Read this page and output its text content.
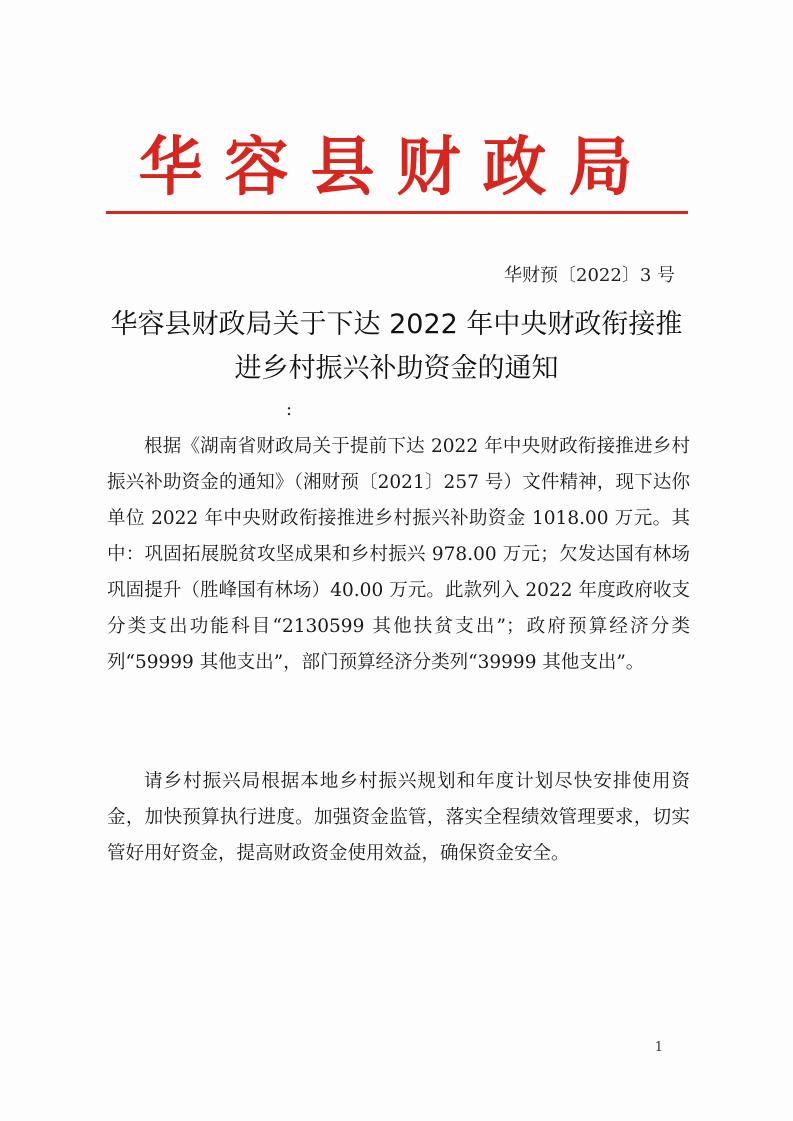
华容县财政局
华财预〔2022〕3 号
华容县财政局关于下达 2022 年中央财政衔接推进乡村振兴补助资金的通知
:
根据《湖南省财政局关于提前下达 2022 年中央财政衔接推进乡村振兴补助资金的通知》（湘财预〔2021〕257 号）文件精神，现下达你单位 2022 年中央财政衔接推进乡村振兴补助资金 1018.00 万元。其中：巩固拓展脱贫攻坚成果和乡村振兴 978.00 万元；欠发达国有林场巩固提升（胜峰国有林场）40.00 万元。此款列入 2022 年度政府收支分类支出功能科目“2130599 其他扶贫支出”；政府预算经济分类列“59999 其他支出”，部门预算经济分类列“39999 其他支出”。
请乡村振兴局根据本地乡村振兴规划和年度计划尽快安排使用资金，加快预算执行进度。加强资金监管，落实全程绩效管理要求，切实管好用好资金，提高财政资金使用效益，确保资金安全。
1
